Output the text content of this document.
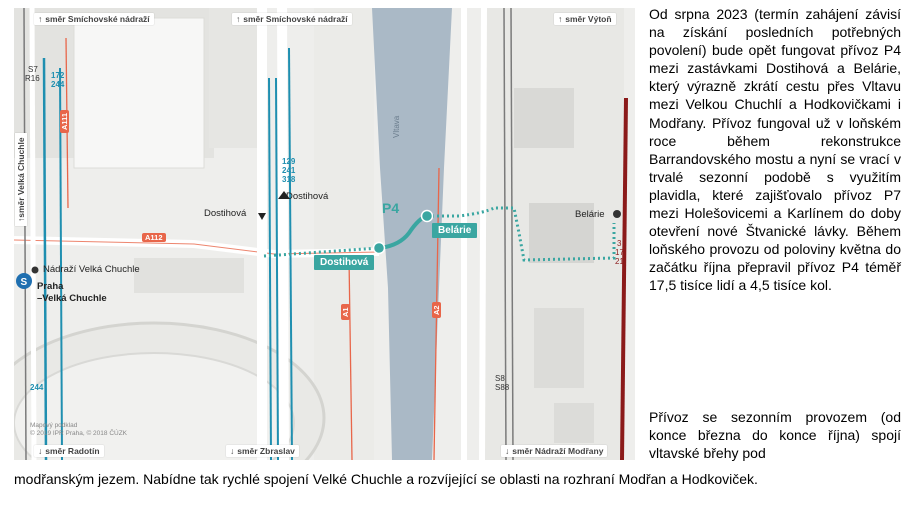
S
Vltava
P4
↑ směr Smíchovské nádraží	↑ směr Smíchovské nádraží	↑ směr Výtoň
↓ směr Radotín	↓ směr Zbraslav	↓ směr Nádraží Modřany
↑směr Velká Chuchle
S7
R16
S8
S88
3
17
21
172
244
129
241
318
244
A111
A112
A1	A2
Dostihová
Dostihová
Belárie
Nádraží Velká Chuchle
Praha
–Velká Chuchle
Dostihová
Belárie
Mapový podklad
© 2019 IPR Praha, © 2018 ČÚZK

Od srpna 2023 (termín zahájení závisí na získání posledních potřebných povolení) bude opět fungovat přívoz P4 mezi zastávkami Dostihová a Belárie, který výrazně zkrátí cestu přes Vltavu mezi Velkou Chuchlí a Hodkovičkami i Modřany. Přívoz fungoval už v loňském roce během rekonstrukce Barrandovského mostu a nyní se vrací v trvalé sezonní podobě s využitím plavidla, které zajišťovalo přívoz P7 mezi Holešovicemi a Karlínem do doby otevření nové Štvanické lávky. Během loňského provozu od poloviny května do začátku října přepravil přívoz P4 téměř 17,5 tisíce lidí a 4,5 tisíce kol.

Přívoz se sezonním provozem (od konce března do konce října) spojí vltavské břehy pod

modřanským jezem. Nabídne tak rychlé spojení Velké Chuchle a rozvíjející se oblasti na rozhraní Modřan a Hodkoviček.
